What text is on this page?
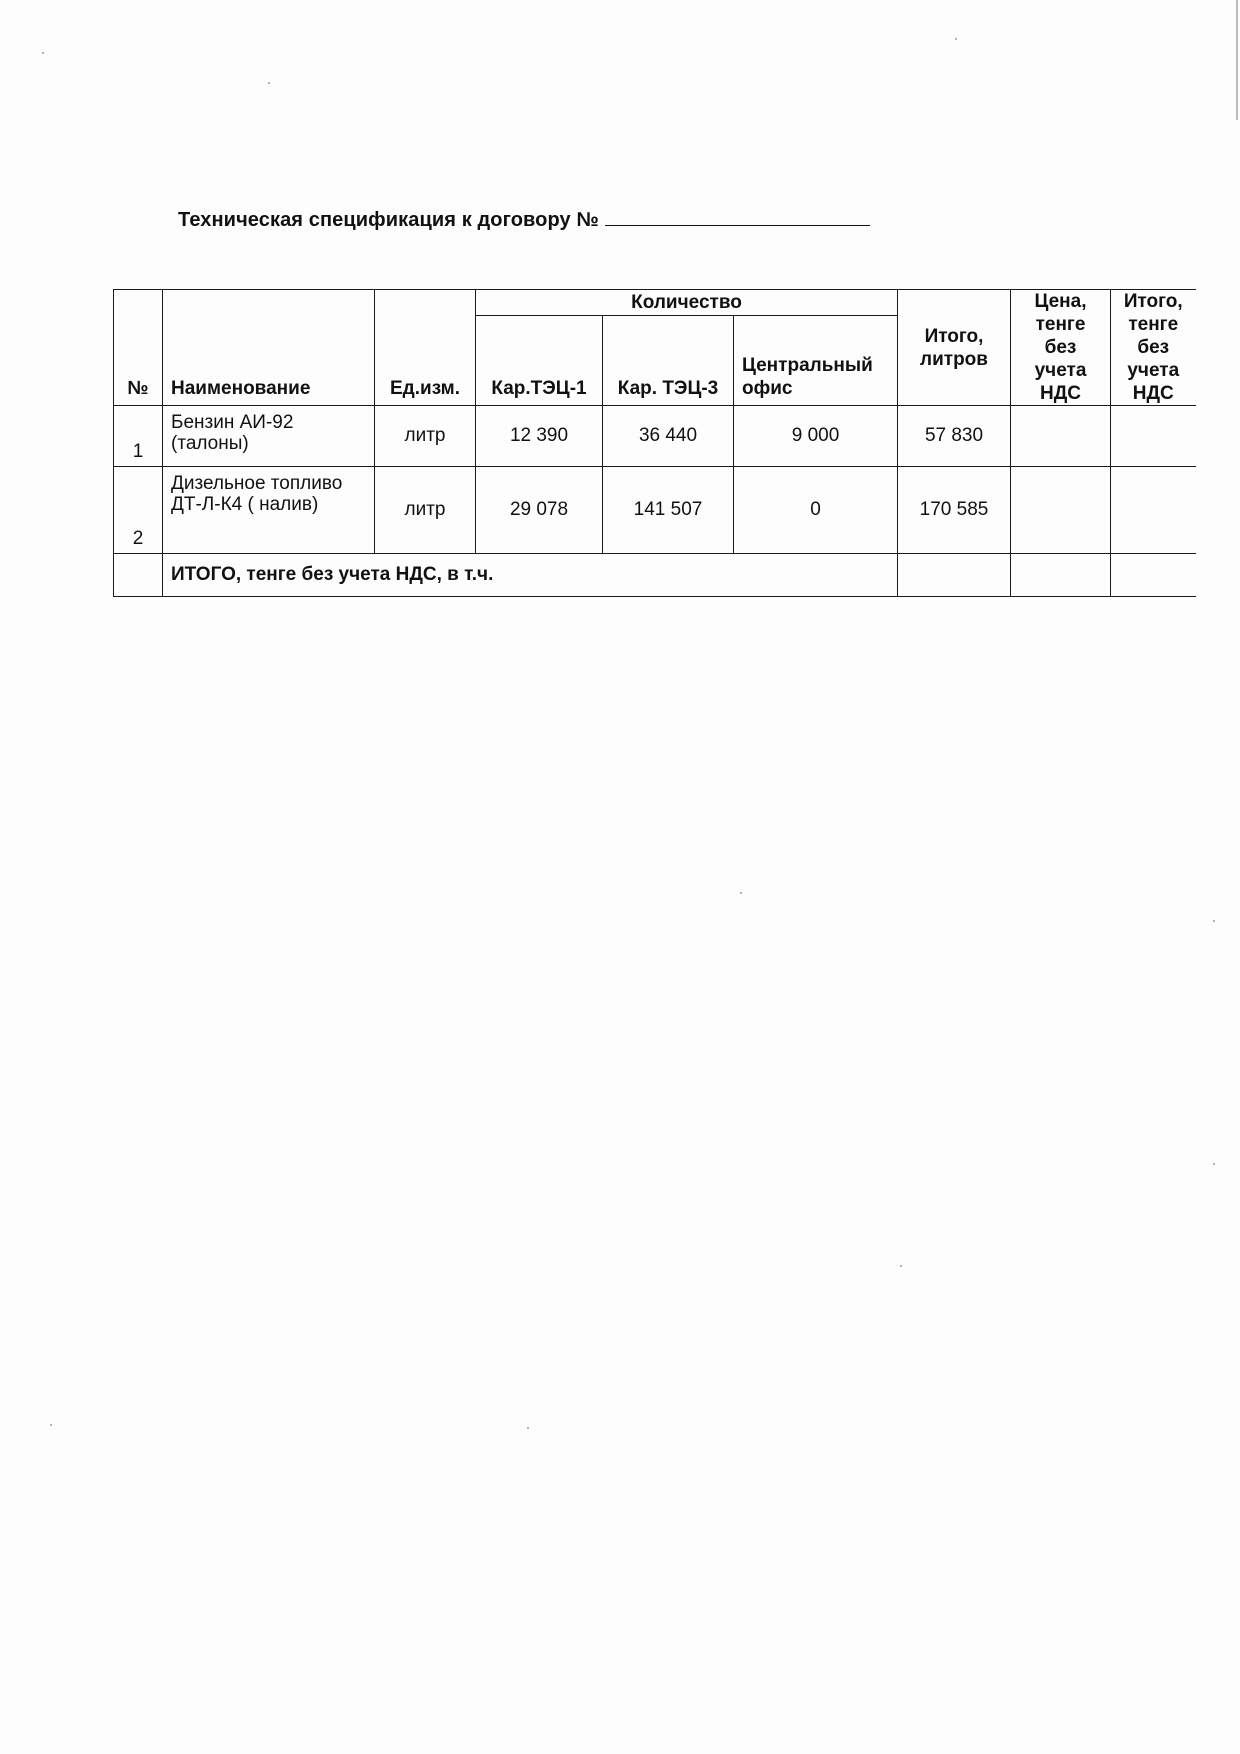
Техническая спецификация к договору №
№	Наименование	Ед.изм.	Количество			Итого, литров	Цена, тенге без учета НДС	Итого, тенге без учета НДС
			Кар.ТЭЦ-1	Кар. ТЭЦ-3	Центральный офис			
1	Бензин АИ-92 (талоны)	литр	12 390	36 440	9 000	57 830		
2	Дизельное топливо ДТ-Л-К4 ( налив)	литр	29 078	141 507	0	170 585		
	ИТОГО, тенге без учета НДС, в т.ч.							
